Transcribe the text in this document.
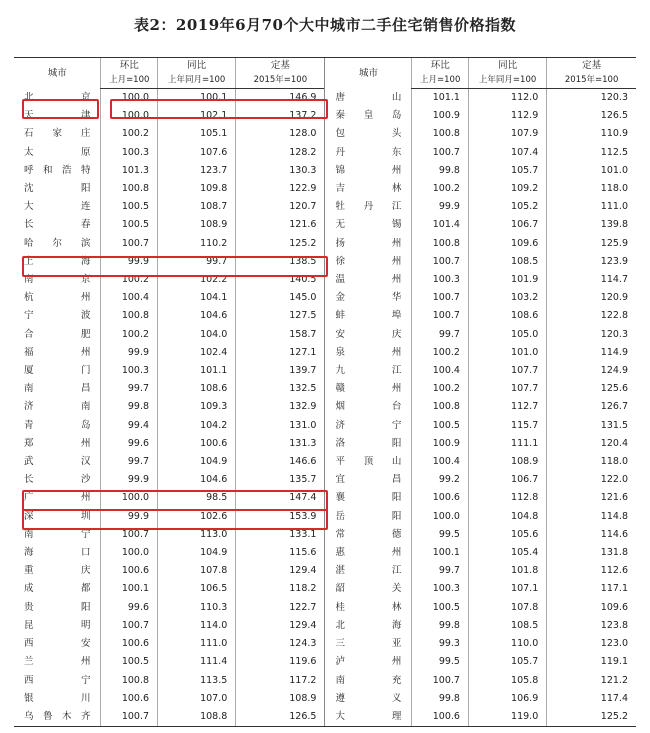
表2：2019年6月70个大中城市二手住宅销售价格指数
城市	环比	同比	定基	城市	环比	同比	定基
	上月=100	上年同月=100	2015年=100		上月=100	上年同月=100	2015年=100
北　京	100.0	100.1	146.9	唐　山	101.1	112.0	120.3
天　津	100.0	102.1	137.2	秦皇岛	100.9	112.9	126.5
石家庄	100.2	105.1	128.0	包　头	100.8	107.9	110.9
太　原	100.3	107.6	128.2	丹　东	100.7	107.4	112.5
呼和浩特	101.3	123.7	130.3	锦　州	99.8	105.7	101.0
沈　阳	100.8	109.8	122.9	吉　林	100.2	109.2	118.0
大　连	100.5	108.7	120.7	牡丹江	99.9	105.2	111.0
长　春	100.5	108.9	121.6	无　锡	101.4	106.7	139.8
哈尔滨	100.7	110.2	125.2	扬　州	100.8	109.6	125.9
上　海	99.9	99.7	138.5	徐　州	100.7	108.5	123.9
南　京	100.2	102.2	140.5	温　州	100.3	101.9	114.7
杭　州	100.4	104.1	145.0	金　华	100.7	103.2	120.9
宁　波	100.8	104.6	127.5	蚌　埠	100.7	108.6	122.8
合　肥	100.2	104.0	158.7	安　庆	99.7	105.0	120.3
福　州	99.9	102.4	127.1	泉　州	100.2	101.0	114.9
厦　门	100.3	101.1	139.7	九　江	100.4	107.7	124.9
南　昌	99.7	108.6	132.5	赣　州	100.2	107.7	125.6
济　南	99.8	109.3	132.9	烟　台	100.8	112.7	126.7
青　岛	99.4	104.2	131.0	济　宁	100.5	115.7	131.5
郑　州	99.6	100.6	131.3	洛　阳	100.9	111.1	120.4
武　汉	99.7	104.9	146.6	平顶山	100.4	108.9	118.0
长　沙	99.9	104.6	135.7	宜　昌	99.2	106.7	122.0
广　州	100.0	98.5	147.4	襄　阳	100.6	112.8	121.6
深　圳	99.9	102.6	153.9	岳　阳	100.0	104.8	114.8
南　宁	100.7	113.0	133.1	常　德	99.5	105.6	114.6
海　口	100.0	104.9	115.6	惠　州	100.1	105.4	131.8
重　庆	100.6	107.8	129.4	湛　江	99.7	101.8	112.6
成　都	100.1	106.5	118.2	韶　关	100.3	107.1	117.1
贵　阳	99.6	110.3	122.7	桂　林	100.5	107.8	109.6
昆　明	100.7	114.0	129.4	北　海	99.8	108.5	123.8
西　安	100.6	111.0	124.3	三　亚	99.3	110.0	123.0
兰　州	100.5	111.4	119.6	泸　州	99.5	105.7	119.1
西　宁	100.8	113.5	117.2	南　充	100.7	105.8	121.2
银　川	100.6	107.0	108.9	遵　义	99.8	106.9	117.4
乌鲁木齐	100.7	108.8	126.5	大　理	100.6	119.0	125.2
